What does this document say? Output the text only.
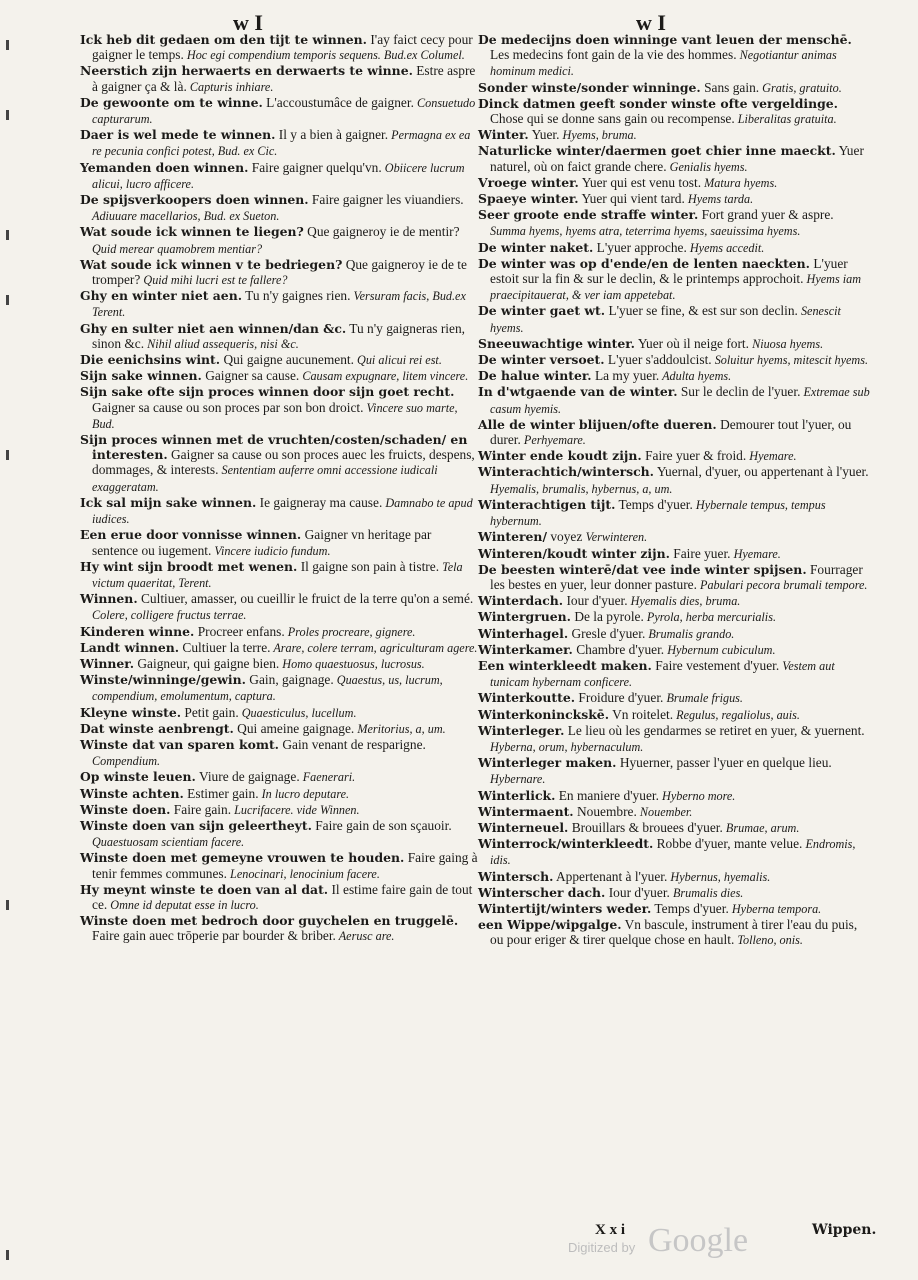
w I	w I

Ick heb dit gedaen om den tijt te winnen. I'ay faict cecy pour gaigner le temps. Hoc egi compendium temporis sequens. Bud.ex Columel.

Neerstich zijn herwaerts en derwaerts te winne. Estre aspre à gaigner ça & là. Capturis inhiare.

De gewoonte om te winne. L'accoustumâce de gaigner. Consuetudo capturarum.

Daer is wel mede te winnen. Il y a bien à gaigner. Permagna ex ea re pecunia confici potest, Bud. ex Cic.

Yemanden doen winnen. Faire gaigner quelqu'vn. Obiicere lucrum alicui, lucro afficere.

De spijsverkoopers doen winnen. Faire gaigner les viuandiers. Adiuuare macellarios, Bud. ex Sueton.

Wat soude ick winnen te liegen? Que gaigneroy ie de mentir? Quid merear quamobrem mentiar?

Wat soude ick winnen v te bedriegen? Que gaigneroy ie de te tromper? Quid mihi lucri est te fallere?

Ghy en winter niet aen. Tu n'y gaignes rien. Versuram facis, Bud.ex Terent.

Ghy en sulter niet aen winnen/dan &c. Tu n'y gaigneras rien, sinon &c. Nihil aliud assequeris, nisi &c.

Die eenichsins wint. Qui gaigne aucunement. Qui alicui rei est.

Sijn sake winnen. Gaigner sa cause. Causam expugnare, litem vincere.

Sijn sake ofte sijn proces winnen door sijn goet recht. Gaigner sa cause ou son proces par son bon droict. Vincere suo marte, Bud.

Sijn proces winnen met de vruchten/costen/schaden/ en interesten. Gaigner sa cause ou son proces auec les fruicts, despens, dommages, & interests. Sententiam auferre omni accessione iudicali exaggeratam.

Ick sal mijn sake winnen. Ie gaigneray ma cause. Damnabo te apud iudices.

Een erue door vonnisse winnen. Gaigner vn heritage par sentence ou iugement. Vincere iudicio fundum.

Hy wint sijn broodt met wenen. Il gaigne son pain à tistre. Tela victum quaeritat, Terent.

Winnen. Cultiuer, amasser, ou cueillir le fruict de la terre qu'on a semé. Colere, colligere fructus terrae.

Kinderen winne. Procreer enfans. Proles procreare, gignere.

Landt winnen. Cultiuer la terre. Arare, colere terram, agriculturam agere.

Winner. Gaigneur, qui gaigne bien. Homo quaestuosus, lucrosus.

Winste/winninge/gewin. Gain, gaignage. Quaestus, us, lucrum, compendium, emolumentum, captura.

Kleyne winste. Petit gain. Quaesticulus, lucellum.

Dat winste aenbrengt. Qui ameine gaignage. Meritorius, a, um.

Winste dat van sparen komt. Gain venant de resparigne. Compendium.

Op winste leuen. Viure de gaignage. Faenerari.

Winste achten. Estimer gain. In lucro deputare.

Winste doen. Faire gain. Lucrifacere. vide Winnen.

Winste doen van sijn geleertheyt. Faire gain de son sçauoir. Quaestuosam scientiam facere.

Winste doen met gemeyne vrouwen te houden. Faire gaing à tenir femmes communes. Lenocinari, lenocinium facere.

Hy meynt winste te doen van al dat. Il estime faire gain de tout ce. Omne id deputat esse in lucro.

Winste doen met bedroch door guychelen en truggelē. Faire gain auec trōperie par bourder & briber. Aerusc are.

De medecijns doen winninge vant leuen der menschē. Les medecins font gain de la vie des hommes. Negotiantur animas hominum medici.

Sonder winste/sonder winninge. Sans gain. Gratis, gratuito.

Dinck datmen geeft sonder winste ofte vergeldinge. Chose qui se donne sans gain ou recompense. Liberalitas gratuita.

Winter. Yuer. Hyems, bruma.

Naturlicke winter/daermen goet chier inne maeckt. Yuer naturel, où on faict grande chere. Genialis hyems.

Vroege winter. Yuer qui est venu tost. Matura hyems.

Spaeye winter. Yuer qui vient tard. Hyems tarda.

Seer groote ende straffe winter. Fort grand yuer & aspre. Summa hyems, hyems atra, teterrima hyems, saeuissima hyems.

De winter naket. L'yuer approche. Hyems accedit.

De winter was op d'ende/en de lenten naeckten. L'yuer estoit sur la fin & sur le declin, & le printemps approchoit. Hyems iam praecipitauerat, & ver iam appetebat.

De winter gaet wt. L'yuer se fine, & est sur son declin. Senescit hyems.

Sneeuwachtige winter. Yuer où il neige fort. Niuosa hyems.

De winter versoet. L'yuer s'addoulcist. Soluitur hyems, mitescit hyems.

De halue winter. La my yuer. Adulta hyems.

In d'wtgaende van de winter. Sur le declin de l'yuer. Extremae sub casum hyemis.

Alle de winter blijuen/ofte dueren. Demourer tout l'yuer, ou durer. Perhyemare.

Winter ende koudt zijn. Faire yuer & froid. Hyemare.

Winterachtich/wintersch. Yuernal, d'yuer, ou appertenant à l'yuer. Hyemalis, brumalis, hybernus, a, um.

Winterachtigen tijt. Temps d'yuer. Hybernale tempus, tempus hybernum.

Winteren/ voyez Verwinteren.

Winteren/koudt winter zijn. Faire yuer. Hyemare.

De beesten winterē/dat vee inde winter spijsen. Fourrager les bestes en yuer, leur donner pasture. Pabulari pecora brumali tempore.

Winterdach. Iour d'yuer. Hyemalis dies, bruma.

Wintergruen. De la pyrole. Pyrola, herba mercurialis.

Winterhagel. Gresle d'yuer. Brumalis grando.

Winterkamer. Chambre d'yuer. Hybernum cubiculum.

Een winterkleedt maken. Faire vestement d'yuer. Vestem aut tunicam hybernam conficere.

Winterkoutte. Froidure d'yuer. Brumale frigus.

Winterkoninckskē. Vn roitelet. Regulus, regaliolus, auis.

Winterleger. Le lieu où les gendarmes se retiret en yuer, & yuernent. Hyberna, orum, hybernaculum.

Winterleger maken. Hyuerner, passer l'yuer en quelque lieu. Hybernare.

Winterlick. En maniere d'yuer. Hyberno more.

Wintermaent. Nouembre. Nouember.

Winterneuel. Brouillars & brouees d'yuer. Brumae, arum.

Winterrock/winterkleedt. Robbe d'yuer, mante velue. Endromis, idis.

Wintersch. Appertenant à l'yuer. Hybernus, hyemalis.

Winterscher dach. Iour d'yuer. Brumalis dies.

Wintertijt/winters weder. Temps d'yuer. Hyberna tempora.

een Wippe/wipgalge. Vn bascule, instrument à tirer l'eau du puis, ou pour eriger & tirer quelque chose en hault. Tolleno, onis.

X x i	Wippen.
Digitized by Google
